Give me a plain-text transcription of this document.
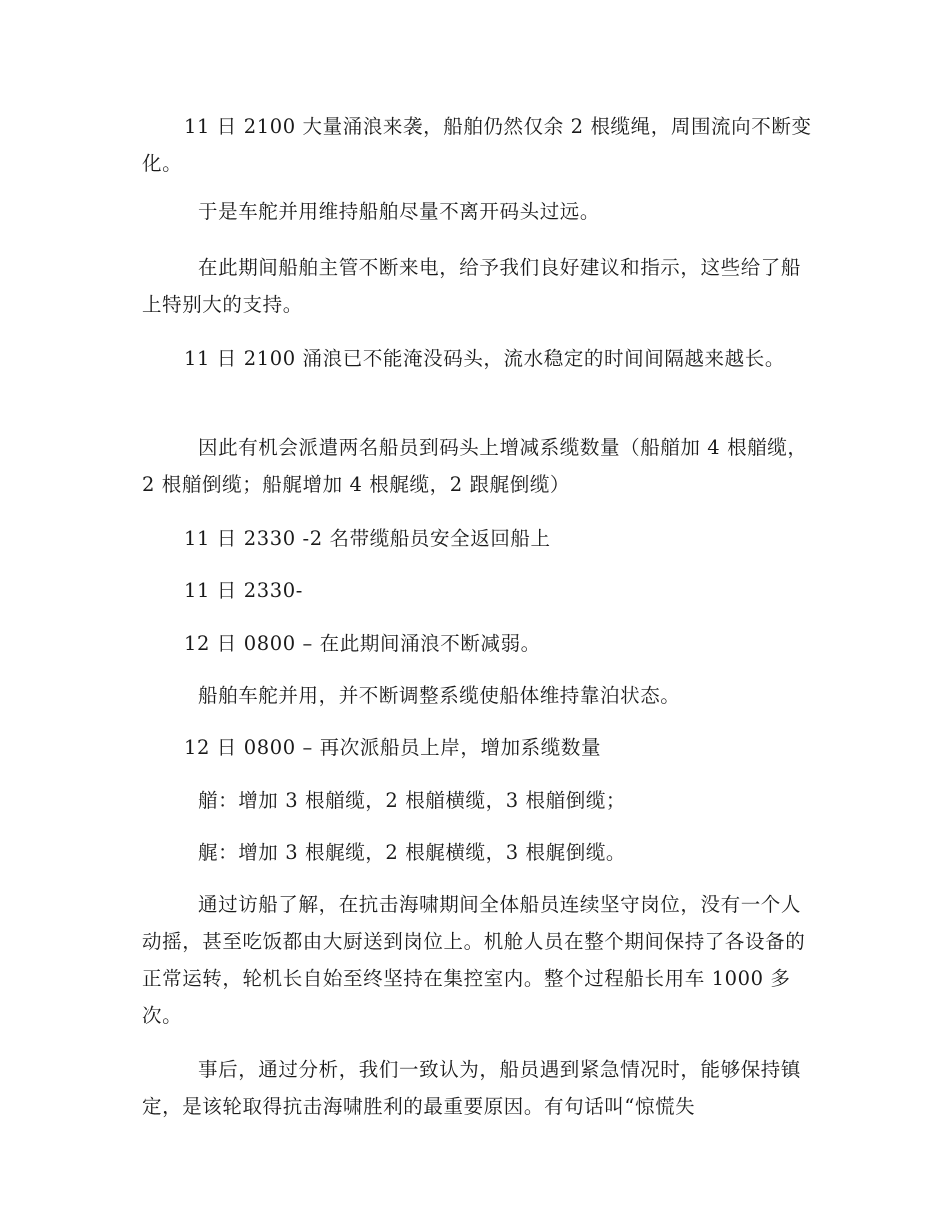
11 日 2100 大量涌浪来袭，船舶仍然仅余 2 根缆绳，周围流向不断变化。

于是车舵并用维持船舶尽量不离开码头过远。

在此期间船舶主管不断来电，给予我们良好建议和指示，这些给了船上特别大的支持。

11 日 2100 涌浪已不能淹没码头，流水稳定的时间间隔越来越长。

因此有机会派遣两名船员到码头上增减系缆数量（船艏加 4 根艏缆，2 根艏倒缆；船艉增加 4 根艉缆，2 跟艉倒缆）

11 日 2330 -2 名带缆船员安全返回船上

11 日 2330-

12 日 0800 – 在此期间涌浪不断减弱。

船舶车舵并用，并不断调整系缆使船体维持靠泊状态。

12 日 0800 – 再次派船员上岸，增加系缆数量

艏：增加 3 根艏缆，2 根艏横缆，3 根艏倒缆；

艉：增加 3 根艉缆，2 根艉横缆，3 根艉倒缆。

通过访船了解，在抗击海啸期间全体船员连续坚守岗位，没有一个人动摇，甚至吃饭都由大厨送到岗位上。机舱人员在整个期间保持了各设备的正常运转，轮机长自始至终坚持在集控室内。整个过程船长用车 1000 多次。

事后，通过分析，我们一致认为，船员遇到紧急情况时，能够保持镇定，是该轮取得抗击海啸胜利的最重要原因。有句话叫“惊慌失
